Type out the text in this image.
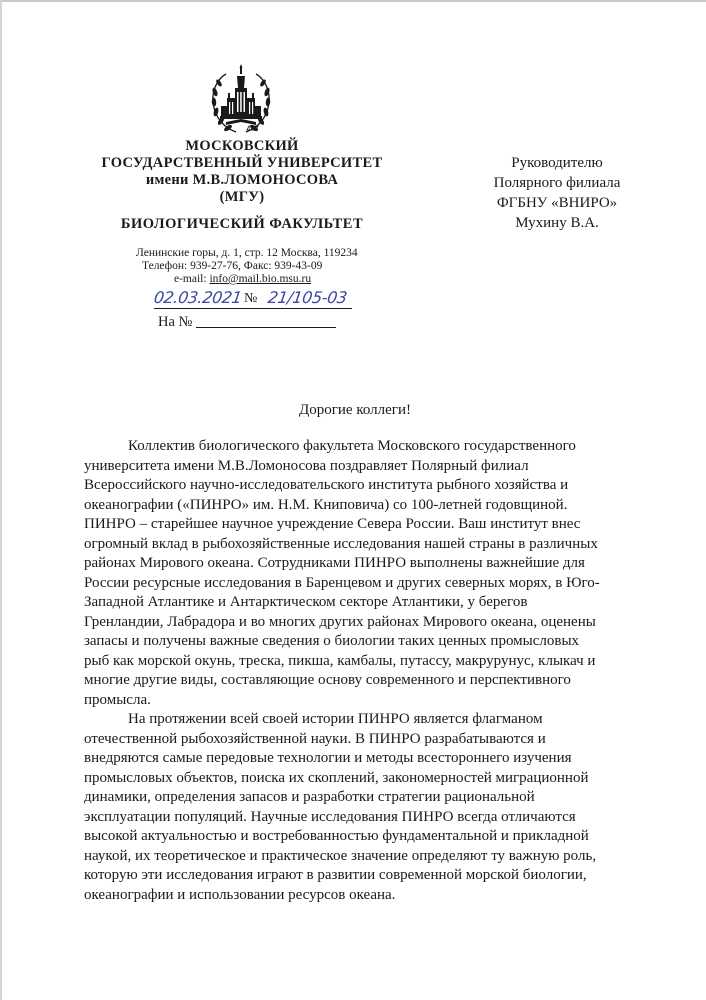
1755
МОСКОВСКИЙ
ГОСУДАРСТВЕННЫЙ УНИВЕРСИТЕТ
имени М.В.ЛОМОНОСОВА
(МГУ)
БИОЛОГИЧЕСКИЙ ФАКУЛЬТЕТ
Ленинские горы, д. 1, стр. 12 Москва, 119234
Телефон: 939-27-76, Факс: 939-43-09
e-mail: info@mail.bio.msu.ru
02.03.2021 № 21/105-03
На №
Руководителю
Полярного филиала
ФГБНУ «ВНИРО»
Мухину В.А.
Дорогие коллеги!

Коллектив биологического факультета Московского государственного

университета имени М.В.Ломоносова поздравляет Полярный филиал

Всероссийского научно-исследовательского института рыбного хозяйства и

океанографии («ПИНРО» им. Н.М. Книповича) со 100-летней годовщиной.

ПИНРО – старейшее научное учреждение Севера России. Ваш институт внес

огромный вклад в рыбохозяйственные исследования нашей страны в различных

районах Мирового океана. Сотрудниками ПИНРО выполнены важнейшие для

России ресурсные исследования в Баренцевом и других северных морях, в Юго-

Западной Атлантике и Антарктическом секторе Атлантики, у берегов

Гренландии, Лабрадора и во многих других районах Мирового океана, оценены

запасы и получены важные сведения о биологии таких ценных промысловых

рыб как морской окунь, треска, пикша, камбалы, путассу, макрурунус, клыкач и

многие другие виды, составляющие основу современного и перспективного

промысла.

На протяжении всей своей истории ПИНРО является флагманом

отечественной рыбохозяйственной науки. В ПИНРО разрабатываются и

внедряются самые передовые технологии и методы всестороннего изучения

промысловых объектов, поиска их скоплений, закономерностей миграционной

динамики, определения запасов и разработки стратегии рациональной

эксплуатации популяций. Научные исследования ПИНРО всегда отличаются

высокой актуальностью и востребованностью фундаментальной и прикладной

наукой, их теоретическое и практическое значение определяют ту важную роль,

которую эти исследования играют в развитии современной морской биологии,

океанографии и использовании ресурсов океана.
